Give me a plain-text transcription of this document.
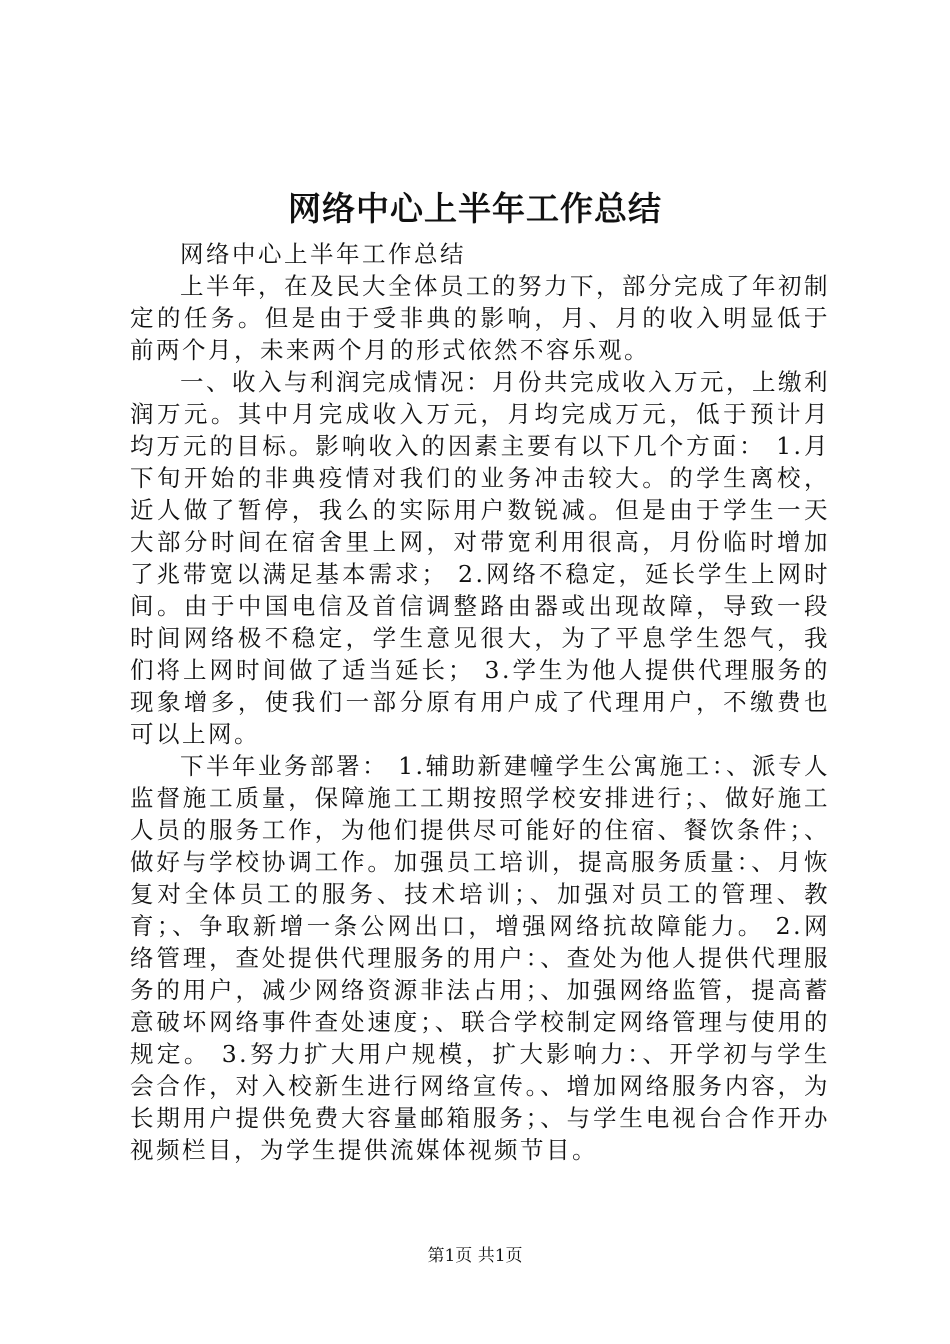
网络中心上半年工作总结

网络中心上半年工作总结

上半年，在及民大全体员工的努力下，部分完成了年初制定的任务。但是由于受非典的影响，月、月的收入明显低于前两个月，未来两个月的形式依然不容乐观。

一、收入与利润完成情况：月份共完成收入万元，上缴利润万元。其中月完成收入万元，月均完成万元，低于预计月均万元的目标。影响收入的因素主要有以下几个方面： 1.月下旬开始的非典疫情对我们的业务冲击较大。的学生离校，近人做了暂停，我么的实际用户数锐减。但是由于学生一天大部分时间在宿舍里上网，对带宽利用很高，月份临时增加了兆带宽以满足基本需求； 2.网络不稳定，延长学生上网时间。由于中国电信及首信调整路由器或出现故障，导致一段时间网络极不稳定，学生意见很大，为了平息学生怨气，我们将上网时间做了适当延长； 3.学生为他人提供代理服务的现象增多，使我们一部分原有用户成了代理用户，不缴费也可以上网。

下半年业务部署： 1.辅助新建幢学生公寓施工：、派专人监督施工质量，保障施工工期按照学校安排进行；、做好施工人员的服务工作，为他们提供尽可能好的住宿、餐饮条件；、做好与学校协调工作。加强员工培训，提高服务质量：、月恢复对全体员工的服务、技术培训；、加强对员工的管理、教育；、争取新增一条公网出口，增强网络抗故障能力。 2.网络管理，查处提供代理服务的用户：、查处为他人提供代理服务的用户，减少网络资源非法占用；、加强网络监管，提高蓄意破坏网络事件查处速度；、联合学校制定网络管理与使用的规定。 3.努力扩大用户规模，扩大影响力：、开学初与学生会合作，对入校新生进行网络宣传。、增加网络服务内容，为长期用户提供免费大容量邮箱服务；、与学生电视台合作开办视频栏目，为学生提供流媒体视频节目。

第1页 共1页
